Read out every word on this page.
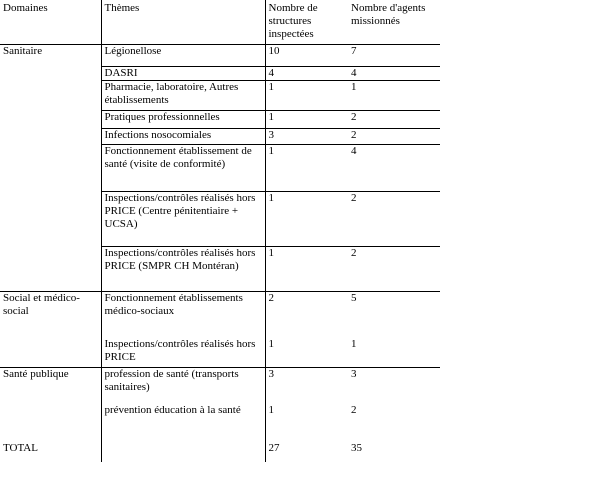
Domaines	Thèmes	Nombre de structures inspectées	Nombre d'agents missionnés

Sanitaire	Légionellose	10	7

	DASRI	4	4

	Pharmacie, laboratoire, Autres établissements	1	1

	Pratiques professionnelles	1	2

	Infections nosocomiales	3	2

	Fonctionnement établissement de santé (visite de conformité)	1	4

	Inspections/contrôles réalisés hors PRICE (Centre pénitentiaire + UCSA)	1	2

	Inspections/contrôles réalisés hors PRICE (SMPR CH Montéran)	1	2

Social et médico-social	Fonctionnement établissements médico-sociaux	2	5

	Inspections/contrôles réalisés hors PRICE	1	1

Santé publique	profession de santé (transports sanitaires)	3	3

	prévention éducation à la santé	1	2

TOTAL		27	35
